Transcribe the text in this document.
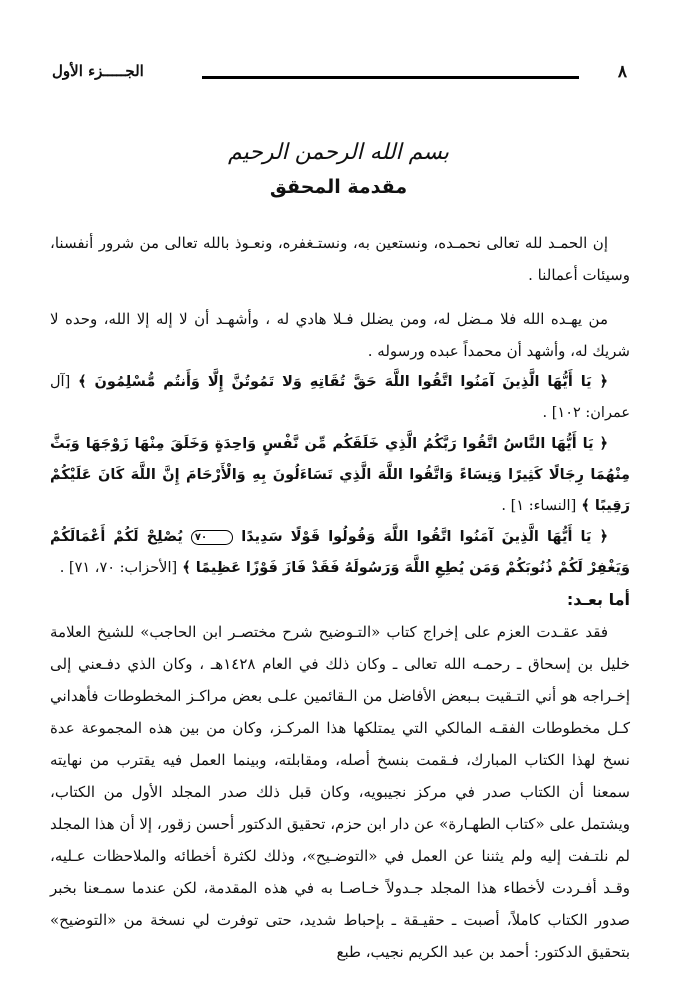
الجـــــزء الأول	٨
بسم الله الرحمن الرحيم
مقدمة المحقق

إن الحمـد لله تعالى نحمـده، ونستعين به، ونستـغفره، ونعـوذ بالله تعالى من شرور أنفسنا، وسيئات أعمالنا .

من يهـده الله فلا مـضل له، ومن يضلل فـلا هادي له ، وأشهـد أن لا إله إلا الله، وحده لا شريك له، وأشهد أن محمداً عبده ورسوله .

﴿ يَا أَيُّهَا الَّذِينَ آمَنُوا اتَّقُوا اللَّهَ حَقَّ تُقَاتِهِ وَلا تَمُوتُنَّ إِلَّا وَأَنتُم مُّسْلِمُونَ ﴾ [آل عمران: ١٠٢] .

﴿ يَا أَيُّهَا النَّاسُ اتَّقُوا رَبَّكُمُ الَّذِي خَلَقَكُم مِّن نَّفْسٍ وَاحِدَةٍ وَخَلَقَ مِنْهَا زَوْجَهَا وَبَثَّ مِنْهُمَا رِجَالًا كَثِيرًا وَنِسَاءً وَاتَّقُوا اللَّهَ الَّذِي تَسَاءَلُونَ بِهِ وَالْأَرْحَامَ إِنَّ اللَّهَ كَانَ عَلَيْكُمْ رَقِيبًا ﴾ [النساء: ١] .

﴿ يَا أَيُّهَا الَّذِينَ آمَنُوا اتَّقُوا اللَّهَ وَقُولُوا قَوْلًا سَدِيدًا ٧٠ يُصْلِحْ لَكُمْ أَعْمَالَكُمْ وَيَغْفِرْ لَكُمْ ذُنُوبَكُمْ وَمَن يُطِعِ اللَّهَ وَرَسُولَهُ فَقَدْ فَازَ فَوْزًا عَظِيمًا ﴾ [الأحزاب: ٧٠، ٧١] .

أما بعـد:

فقد عقـدت العزم على إخراج كتاب «التـوضيح شرح مختصـر ابن الحاجب» للشيخ العلامة خليل بن إسحاق ـ رحمـه الله تعالى ـ وكان ذلك في العام ١٤٢٨هـ ، وكان الذي دفـعني إلى إخـراجه هو أني التـقيت بـبعض الأفاضل من الـقائمين علـى بعض مراكـز المخطوطات فأهداني كـل مخطوطات الفقـه المالكي التي يمتلكها هذا المركـز، وكان من بين هذه المجموعة عدة نسخ لهذا الكتاب المبارك، فـقمت بنسخ أصله، ومقابلته، وبينما العمل فيه يقترب من نهايته سمعنا أن الكتاب صدر في مركز نجيبويه، وكان قبل ذلك صدر المجلد الأول من الكتاب، ويشتمل على «كتاب الطهـارة» عن دار ابن حزم، تحقيق الدكتور أحسن زقور، إلا أن هذا المجلد لم نلتـفت إليه ولم يثننا عن العمل في «التوضـيح»، وذلك لكثرة أخطائه والملاحظات عـليه، وقـد أفـردت لأخطاء هذا المجلد جـدولاً خـاصـا به في هذه المقدمة، لكن عندما سمـعنا بخبر صدور الكتاب كاملاً، أصبت ـ حقيـقة ـ بإحباط شديد، حتى توفرت لي نسخة من «التوضيح» بتحقيق الدكتور: أحمد بن عبد الكريم نجيب، طبع
